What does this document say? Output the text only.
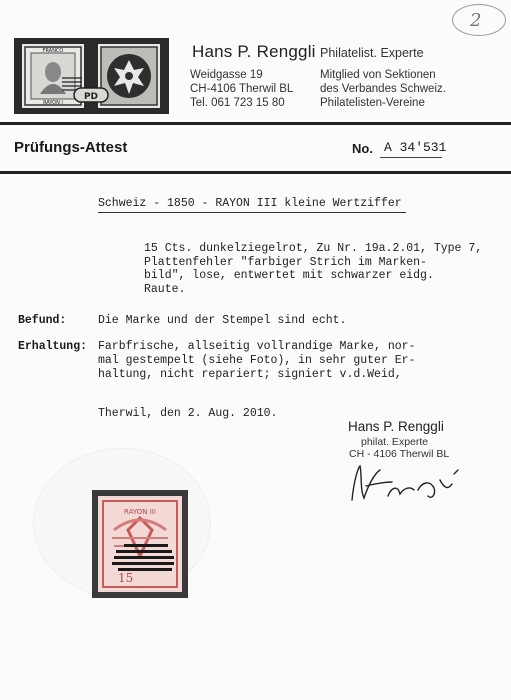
2
FRANCO
RAYON I
PD
Hans P. Renggli Philatelist. Experte
Weidgasse 19
CH-4106 Therwil BL
Tel. 061 723 15 80
Mitglied von Sektionen
des Verbandes Schweiz.
Philatelisten-Vereine
Prüfungs-Attest	No. A 34'531
Schweiz - 1850 - RAYON III kleine Wertziffer
15 Cts. dunkelziegelrot, Zu Nr. 19a.2.01, Type 7,
Plattenfehler "farbiger Strich im Marken-
bild", lose, entwertet mit schwarzer eidg.
Raute.
Befund:	Die Marke und der Stempel sind echt.
Erhaltung: Farbfrische, allseitig vollrandige Marke, nor-
mal gestempelt (siehe Foto), in sehr guter Er-
haltung, nicht repariert; signiert v.d.Weid,
Therwil, den 2. Aug. 2010.
Hans P. Renggli
philat. Experte
CH - 4106 Therwil BL
RAYON III
15
